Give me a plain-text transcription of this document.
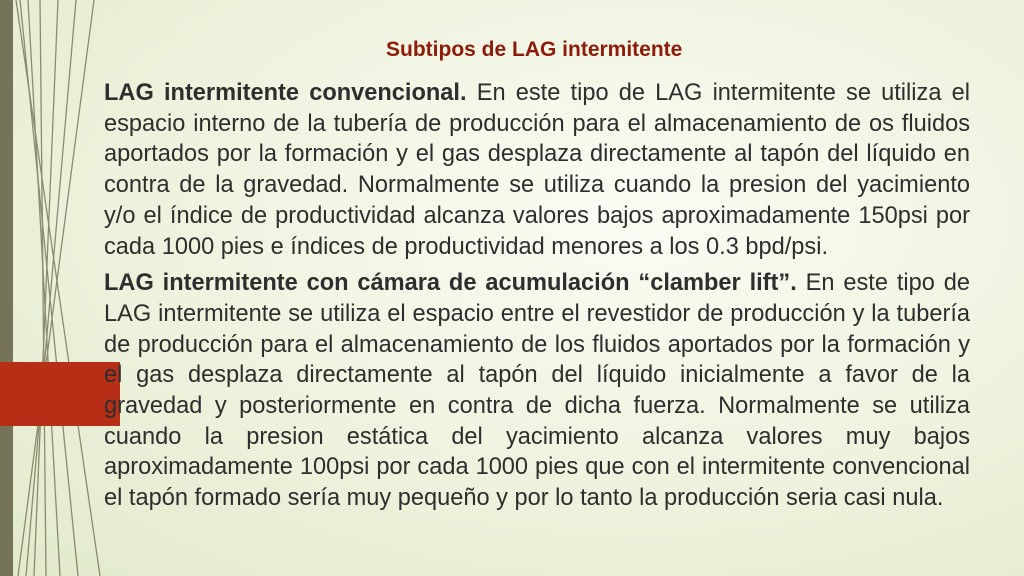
Subtipos de LAG intermitente

LAG intermitente convencional. En este tipo de LAG intermitente se utiliza el espacio interno de la tubería de producción para el almacenamiento de os fluidos aportados por la formación y el gas desplaza directamente al tapón del líquido en contra de la gravedad. Normalmente se utiliza cuando la presion del yacimiento y/o el índice de productividad alcanza valores bajos aproximadamente 150psi por cada 1000 pies e índices de productividad menores a los 0.3 bpd/psi.

LAG intermitente con cámara de acumulación “clamber lift”. En este tipo de LAG intermitente se utiliza el espacio entre el revestidor de producción y la tubería de producción para el almacenamiento de los fluidos aportados por la formación y el gas desplaza directamente al tapón del líquido inicialmente a favor de la gravedad y posteriormente en contra de dicha fuerza. Normalmente se utiliza cuando la presion estática del yacimiento alcanza valores muy bajos aproximadamente 100psi por cada 1000 pies que con el intermitente convencional el tapón formado sería muy pequeño y por lo tanto la producción seria casi nula.
